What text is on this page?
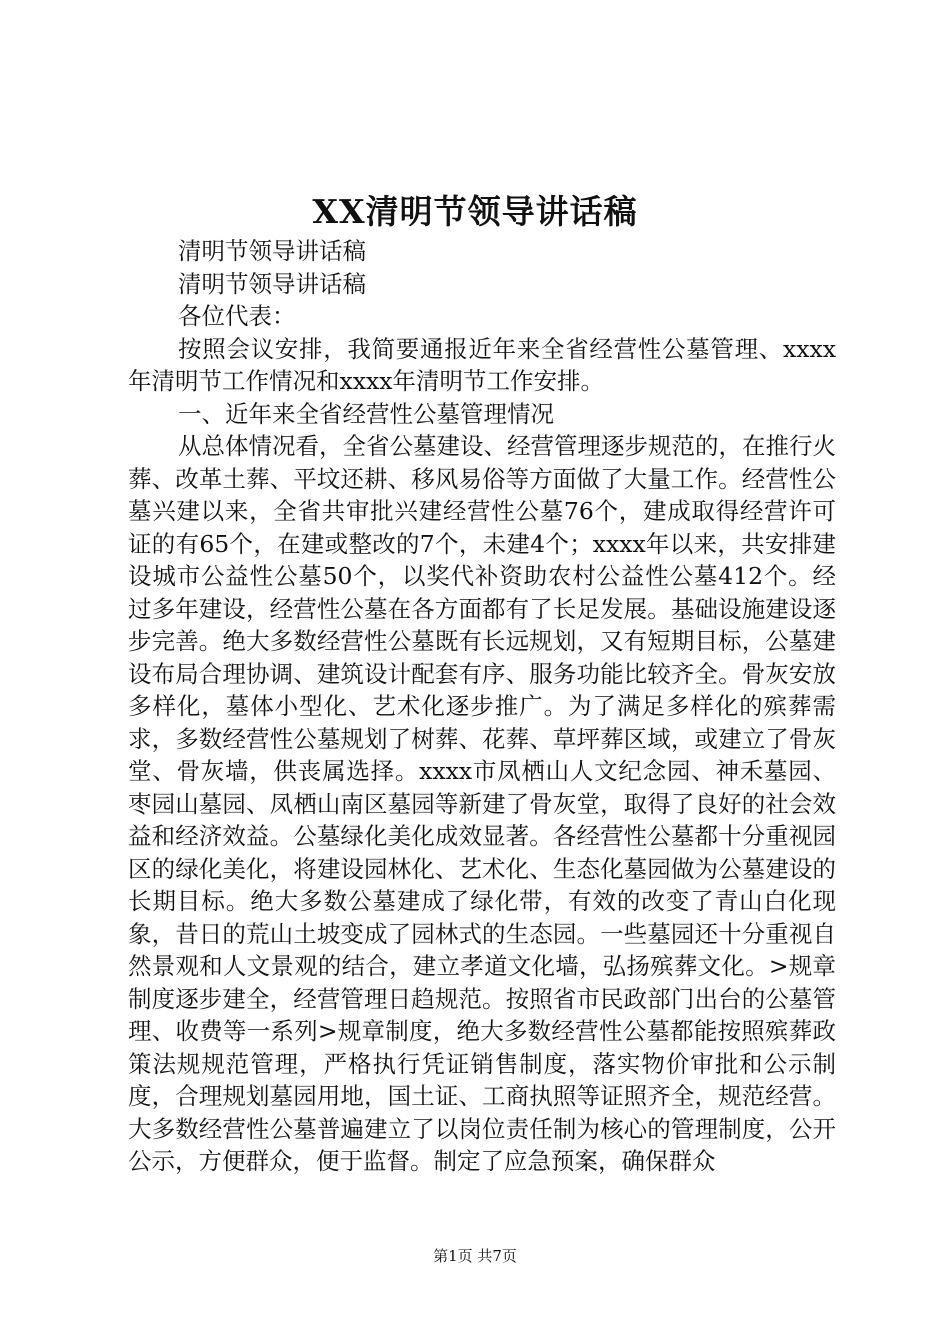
XX清明节领导讲话稿

清明节领导讲话稿

清明节领导讲话稿

各位代表：

按照会议安排，我简要通报近年来全省经营性公墓管理、xxxx年清明节工作情况和xxxx年清明节工作安排。

一、近年来全省经营性公墓管理情况

从总体情况看，全省公墓建设、经营管理逐步规范的，在推行火葬、改革土葬、平坟还耕、移风易俗等方面做了大量工作。经营性公墓兴建以来，全省共审批兴建经营性公墓76个，建成取得经营许可证的有65个，在建或整改的7个，未建4个；xxxx年以来，共安排建设城市公益性公墓50个，以奖代补资助农村公益性公墓412个。经过多年建设，经营性公墓在各方面都有了长足发展。基础设施建设逐步完善。绝大多数经营性公墓既有长远规划，又有短期目标，公墓建设布局合理协调、建筑设计配套有序、服务功能比较齐全。骨灰安放多样化，墓体小型化、艺术化逐步推广。为了满足多样化的殡葬需求，多数经营性公墓规划了树葬、花葬、草坪葬区域，或建立了骨灰堂、骨灰墙，供丧属选择。xxxx市凤栖山人文纪念园、神禾墓园、枣园山墓园、凤栖山南区墓园等新建了骨灰堂，取得了良好的社会效益和经济效益。公墓绿化美化成效显著。各经营性公墓都十分重视园区的绿化美化，将建设园林化、艺术化、生态化墓园做为公墓建设的长期目标。绝大多数公墓建成了绿化带，有效的改变了青山白化现象，昔日的荒山土坡变成了园林式的生态园。一些墓园还十分重视自然景观和人文景观的结合，建立孝道文化墙，弘扬殡葬文化。>规章制度逐步建全，经营管理日趋规范。按照省市民政部门出台的公墓管理、收费等一系列>规章制度，绝大多数经营性公墓都能按照殡葬政策法规规范管理，严格执行凭证销售制度，落实物价审批和公示制度，合理规划墓园用地，国土证、工商执照等证照齐全，规范经营。大多数经营性公墓普遍建立了以岗位责任制为核心的管理制度，公开公示，方便群众，便于监督。制定了应急预案，确保群众

第1页 共7页
